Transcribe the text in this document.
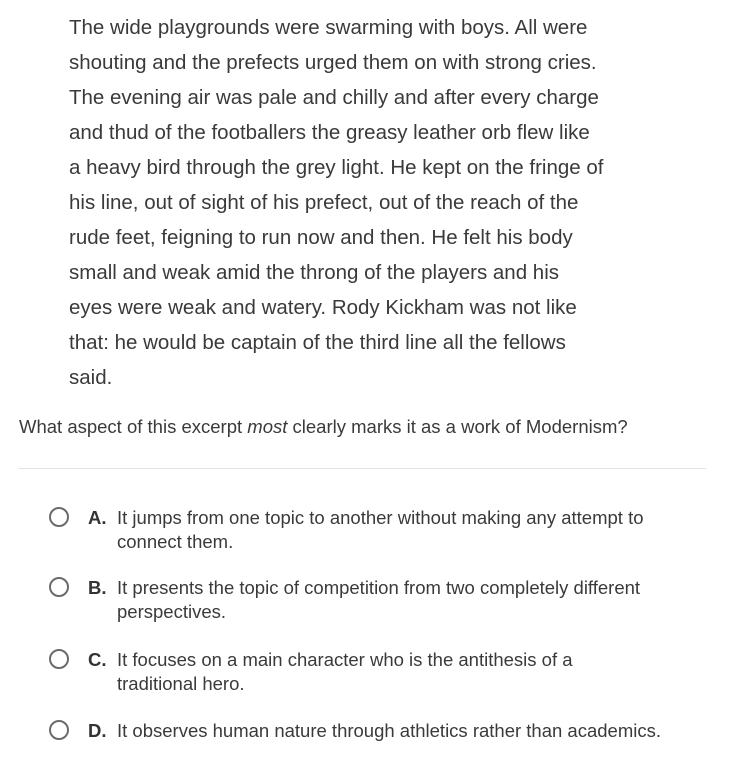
The wide playgrounds were swarming with boys. All were
shouting and the prefects urged them on with strong cries.
The evening air was pale and chilly and after every charge
and thud of the footballers the greasy leather orb flew like
a heavy bird through the grey light. He kept on the fringe of
his line, out of sight of his prefect, out of the reach of the
rude feet, feigning to run now and then. He felt his body
small and weak amid the throng of the players and his
eyes were weak and watery. Rody Kickham was not like
that: he would be captain of the third line all the fellows
said.
What aspect of this excerpt most clearly marks it as a work of Modernism?
A. It jumps from one topic to another without making any attempt to
connect them.
B. It presents the topic of competition from two completely different
perspectives.
C. It focuses on a main character who is the antithesis of a
traditional hero.
D. It observes human nature through athletics rather than academics.
